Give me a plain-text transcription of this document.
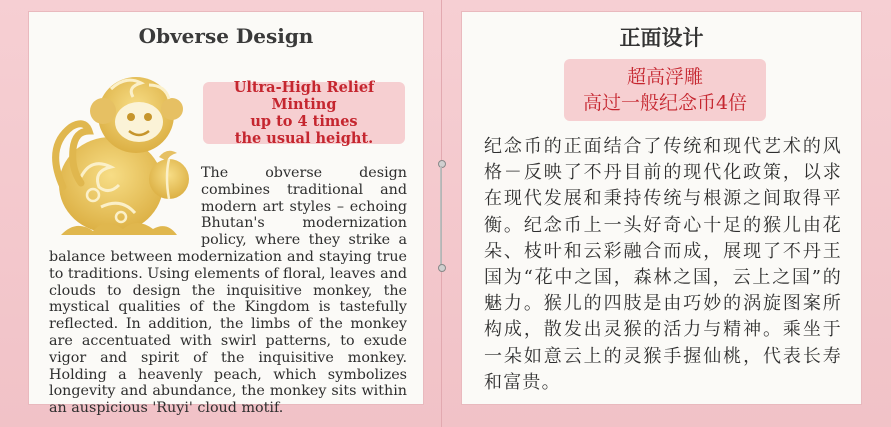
Obverse Design
Ultra-High Relief Minting
up to 4 times
the usual height.
The obverse design combines traditional and modern art styles – echoing Bhutan's modernization policy, where they strike a balance between modernization and staying true to traditions. Using elements of floral, leaves and clouds to design the inquisitive monkey, the mystical qualities of the Kingdom is tastefully reflected. In addition, the limbs of the monkey are accentuated with swirl patterns, to exude vigor and spirit of the inquisitive monkey. Holding a heavenly peach, which symbolizes longevity and abundance, the monkey sits within an auspicious 'Ruyi' cloud motif.
正面设计
超高浮雕
高过一般纪念币4倍
纪念币的正面结合了传统和现代艺术的风格－反映了不丹目前的现代化政策，以求在现代发展和秉持传统与根源之间取得平衡。纪念币上一头好奇心十足的猴儿由花朵、枝叶和云彩融合而成，展现了不丹王国为“花中之国，森林之国，云上之国”的魅力。猴儿的四肢是由巧妙的涡旋图案所构成，散发出灵猴的活力与精神。乘坐于一朵如意云上的灵猴手握仙桃，代表长寿和富贵。
